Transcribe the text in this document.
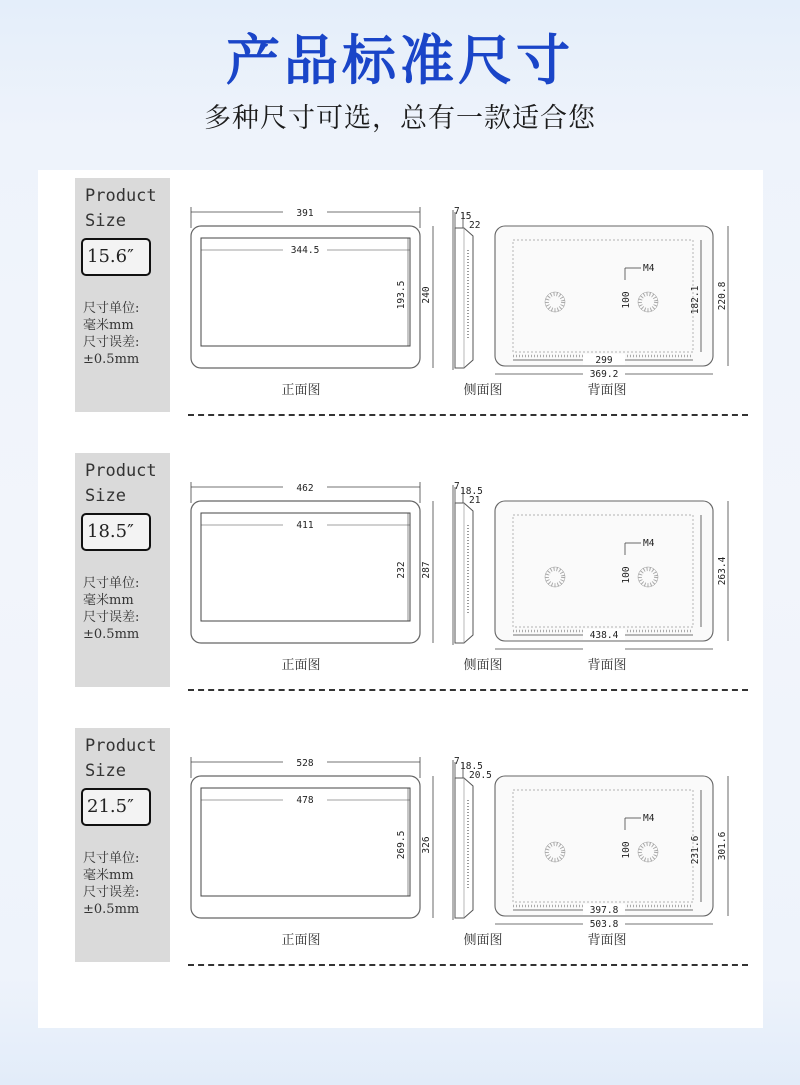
产品标准尺寸
多种尺寸可选，总有一款适合您
Product Size
15.6″
尺寸单位:
毫米mm
尺寸误差:
±0.5mm
391
344.5
193.5 240
正面图
7 15
22
侧面图
M4
100	182.1 220.8
299
369.2
背面图
Product Size
18.5″
尺寸单位:
毫米mm
尺寸误差:
±0.5mm
462
411
232 287
正面图
7 18.5
21
侧面图
M4
100	263.4
438.4
背面图
Product Size
21.5″
尺寸单位:
毫米mm
尺寸误差:
±0.5mm
528
478
269.5 326
正面图
7 18.5
20.5
侧面图
M4
100	231.6 301.6
397.8
503.8
背面图
